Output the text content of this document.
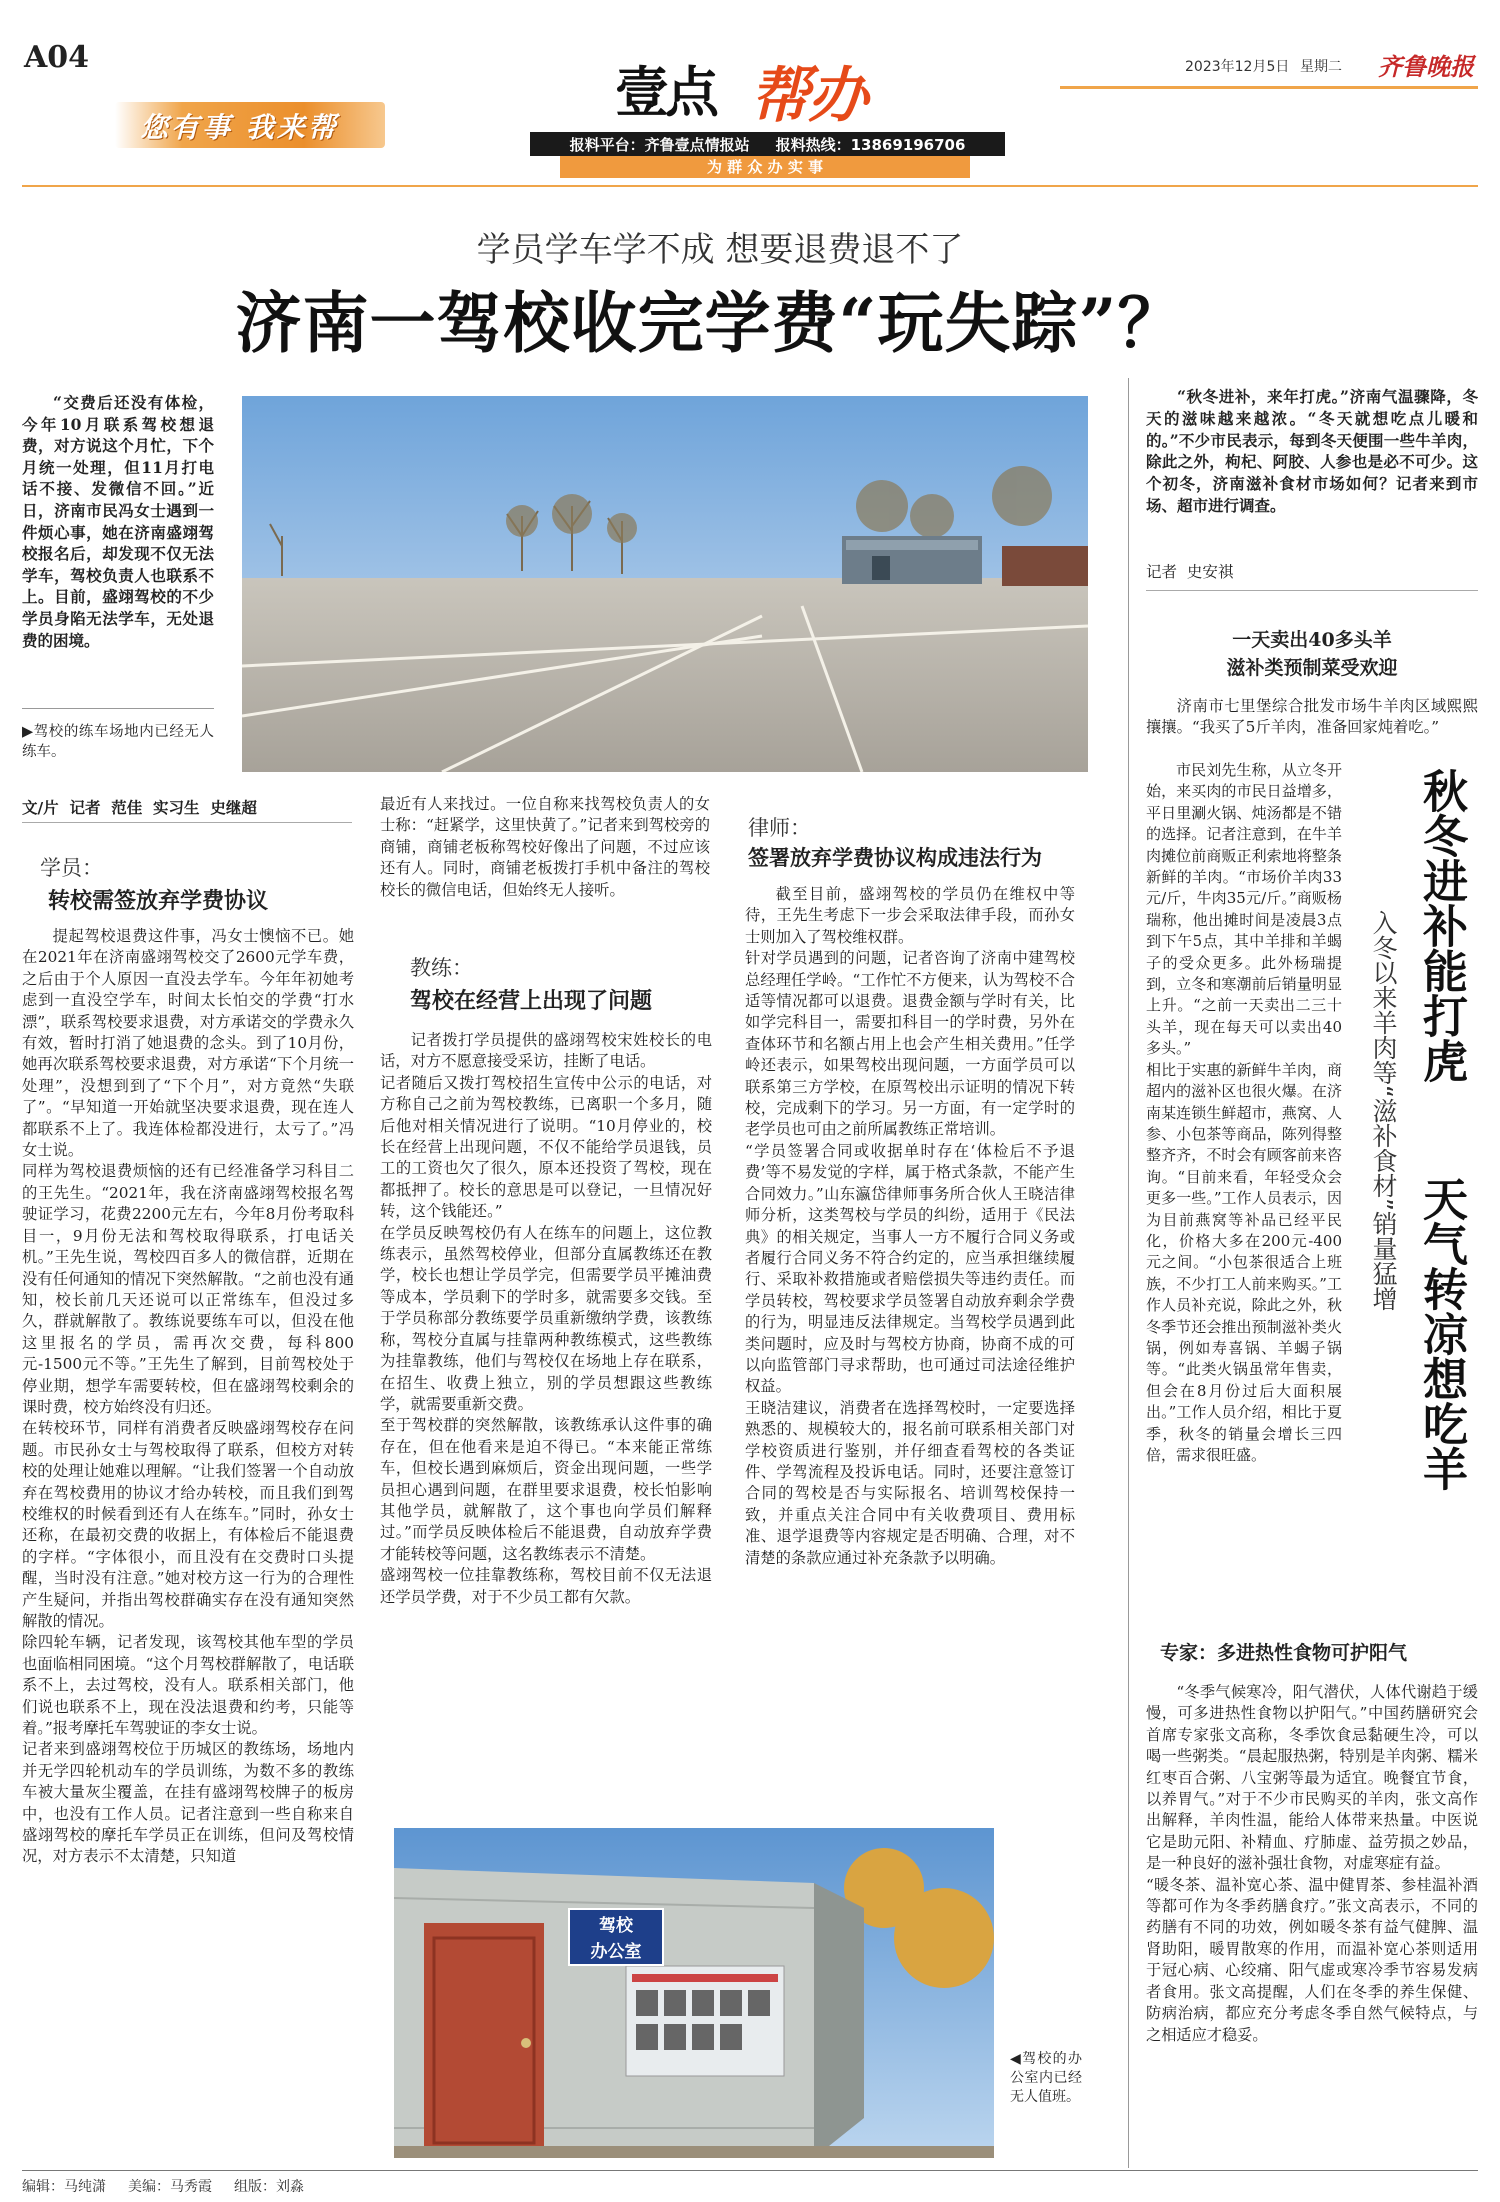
A04
您有事 我来帮
壹点 帮办
报料平台：齐鲁壹点情报站 报料热线：13869196706
为 群 众 办 实 事
2023年12月5日 星期二 齐鲁晚报
学员学车学不成 想要退费退不了
济南一驾校收完学费“玩失踪”？
“交费后还没有体检，今年10月联系驾校想退费，对方说这个月忙，下个月统一处理，但11月打电话不接、发微信不回。”近日，济南市民冯女士遇到一件烦心事，她在济南盛翊驾校报名后，却发现不仅无法学车，驾校负责人也联系不上。目前，盛翊驾校的不少学员身陷无法学车，无处退费的困境。
▶驾校的练车场地内已经无人练车。
文/片  记者  范佳  实习生  史继超
学员：
转校需签放弃学费协议
提起驾校退费这件事，冯女士懊恼不已。她在2021年在济南盛翊驾校交了2600元学车费，之后由于个人原因一直没去学车。今年年初她考虑到一直没空学车，时间太长怕交的学费“打水漂”，联系驾校要求退费，对方承诺交的学费永久有效，暂时打消了她退费的念头。到了10月份，她再次联系驾校要求退费，对方承诺“下个月统一处理”，没想到到了“下个月”，对方竟然“失联了”。“早知道一开始就坚决要求退费，现在连人都联系不上了。我连体检都没进行，太亏了。”冯女士说。
同样为驾校退费烦恼的还有已经准备学习科目二的王先生。“2021年，我在济南盛翊驾校报名驾驶证学习，花费2200元左右，今年8月份考取科目一，9月份无法和驾校取得联系，打电话关机。”王先生说，驾校四百多人的微信群，近期在没有任何通知的情况下突然解散。“之前也没有通知，校长前几天还说可以正常练车，但没过多久，群就解散了。教练说要练车可以，但没在他这里报名的学员，需再次交费，每科800元-1500元不等。”王先生了解到，目前驾校处于停业期，想学车需要转校，但在盛翊驾校剩余的课时费，校方始终没有归还。
在转校环节，同样有消费者反映盛翊驾校存在问题。市民孙女士与驾校取得了联系，但校方对转校的处理让她难以理解。“让我们签署一个自动放弃在驾校费用的协议才给办转校，而且我们到驾校维权的时候看到还有人在练车。”同时，孙女士还称，在最初交费的收据上，有体检后不能退费的字样。“字体很小，而且没有在交费时口头提醒，当时没有注意。”她对校方这一行为的合理性产生疑问，并指出驾校群确实存在没有通知突然解散的情况。
除四轮车辆，记者发现，该驾校其他车型的学员也面临相同困境。“这个月驾校群解散了，电话联系不上，去过驾校，没有人。联系相关部门，他们说也联系不上，现在没法退费和约考，只能等着。”报考摩托车驾驶证的李女士说。
记者来到盛翊驾校位于历城区的教练场，场地内并无学四轮机动车的学员训练，为数不多的教练车被大量灰尘覆盖，在挂有盛翊驾校牌子的板房中，也没有工作人员。记者注意到一些自称来自盛翊驾校的摩托车学员正在训练，但问及驾校情况，对方表示不太清楚，只知道
最近有人来找过。一位自称来找驾校负责人的女士称：“赶紧学，这里快黄了。”记者来到驾校旁的商铺，商铺老板称驾校好像出了问题，不过应该还有人。同时，商铺老板拨打手机中备注的驾校校长的微信电话，但始终无人接听。
教练：
驾校在经营上出现了问题
记者拨打学员提供的盛翊驾校宋姓校长的电话，对方不愿意接受采访，挂断了电话。
记者随后又拨打驾校招生宣传中公示的电话，对方称自己之前为驾校教练，已离职一个多月，随后他对相关情况进行了说明。“10月停业的，校长在经营上出现问题，不仅不能给学员退钱，员工的工资也欠了很久，原本还投资了驾校，现在都抵押了。校长的意思是可以登记，一旦情况好转，这个钱能还。”
在学员反映驾校仍有人在练车的问题上，这位教练表示，虽然驾校停业，但部分直属教练还在教学，校长也想让学员学完，但需要学员平摊油费等成本，学员剩下的学时多，就需要多交钱。至于学员称部分教练要学员重新缴纳学费，该教练称，驾校分直属与挂靠两种教练模式，这些教练为挂靠教练，他们与驾校仅在场地上存在联系，在招生、收费上独立，别的学员想跟这些教练学，就需要重新交费。
至于驾校群的突然解散，该教练承认这件事的确存在，但在他看来是迫不得已。“本来能正常练车，但校长遇到麻烦后，资金出现问题，一些学员担心遇到问题，在群里要求退费，校长怕影响其他学员，就解散了，这个事也向学员们解释过。”而学员反映体检后不能退费，自动放弃学费才能转校等问题，这名教练表示不清楚。
盛翊驾校一位挂靠教练称，驾校目前不仅无法退还学员学费，对于不少员工都有欠款。
律师：
签署放弃学费协议构成违法行为
截至目前，盛翊驾校的学员仍在维权中等待，王先生考虑下一步会采取法律手段，而孙女士则加入了驾校维权群。
针对学员遇到的问题，记者咨询了济南中建驾校总经理任学岭。“工作忙不方便来，认为驾校不合适等情况都可以退费。退费金额与学时有关，比如学完科目一，需要扣科目一的学时费，另外在查体环节和名额占用上也会产生相关费用。”任学岭还表示，如果驾校出现问题，一方面学员可以联系第三方学校，在原驾校出示证明的情况下转校，完成剩下的学习。另一方面，有一定学时的老学员也可由之前所属教练正常培训。
“学员签署合同或收据单时存在‘体检后不予退费’等不易发觉的字样，属于格式条款，不能产生合同效力。”山东瀛岱律师事务所合伙人王晓洁律师分析，这类驾校与学员的纠纷，适用于《民法典》的相关规定，当事人一方不履行合同义务或者履行合同义务不符合约定的，应当承担继续履行、采取补救措施或者赔偿损失等违约责任。而学员转校，驾校要求学员签署自动放弃剩余学费的行为，明显违反法律规定。当驾校学员遇到此类问题时，应及时与驾校方协商，协商不成的可以向监管部门寻求帮助，也可通过司法途径维护权益。
王晓洁建议，消费者在选择驾校时，一定要选择熟悉的、规模较大的，报名前可联系相关部门对学校资质进行鉴别，并仔细查看驾校的各类证件、学驾流程及投诉电话。同时，还要注意签订合同的驾校是否与实际报名、培训驾校保持一致，并重点关注合同中有关收费项目、费用标准、退学退费等内容规定是否明确、合理，对不清楚的条款应通过补充条款予以明确。
驾校 办公室
◀驾校的办公室内已经无人值班。
“秋冬进补，来年打虎。”济南气温骤降，冬天的滋味越来越浓。“冬天就想吃点儿暖和的。”不少市民表示，每到冬天便围一些牛羊肉，除此之外，枸杞、阿胶、人参也是必不可少。这个初冬，济南滋补食材市场如何？记者来到市场、超市进行调查。
记者  史安祺
一天卖出40多头羊
滋补类预制菜受欢迎
济南市七里堡综合批发市场牛羊肉区域熙熙攘攘。“我买了5斤羊肉，准备回家炖着吃。”
市民刘先生称，从立冬开始，来买肉的市民日益增多，平日里涮火锅、炖汤都是不错的选择。记者注意到，在牛羊肉摊位前商贩正利索地将整条新鲜的羊肉。“市场价羊肉33元/斤，牛肉35元/斤。”商贩杨瑞称，他出摊时间是凌晨3点到下午5点，其中羊排和羊蝎子的受众更多。此外杨瑞提到，立冬和寒潮前后销量明显上升。“之前一天卖出二三十头羊，现在每天可以卖出40多头。”
相比于实惠的新鲜牛羊肉，商超内的滋补区也很火爆。在济南某连锁生鲜超市，燕窝、人参、小包茶等商品，陈列得整整齐齐，不时会有顾客前来咨询。“目前来看，年轻受众会更多一些。”工作人员表示，因为目前燕窝等补品已经平民化，价格大多在200元-400元之间。“小包茶很适合上班族，不少打工人前来购买。”工作人员补充说，除此之外，秋冬季节还会推出预制滋补类火锅，例如寿喜锅、羊蝎子锅等。“此类火锅虽常年售卖，但会在8月份过后大面积展出。”工作人员介绍，相比于夏季，秋冬的销量会增长三四倍，需求很旺盛。
秋冬进补能打虎
天气转凉想吃羊
入冬以来羊肉等“滋补食材”销量猛增
专家：多进热性食物可护阳气
“冬季气候寒冷，阳气潜伏，人体代谢趋于缓慢，可多进热性食物以护阳气。”中国药膳研究会首席专家张文高称，冬季饮食忌黏硬生冷，可以喝一些粥类。“晨起服热粥，特别是羊肉粥、糯米红枣百合粥、八宝粥等最为适宜。晚餐宜节食，以养胃气。”对于不少市民购买的羊肉，张文高作出解释，羊肉性温，能给人体带来热量。中医说它是助元阳、补精血、疗肺虚、益劳损之妙品，是一种良好的滋补强壮食物，对虚寒症有益。
“暖冬茶、温补宽心茶、温中健胃茶、参桂温补酒等都可作为冬季药膳食疗。”张文高表示，不同的药膳有不同的功效，例如暖冬茶有益气健脾、温肾助阳，暖胃散寒的作用，而温补宽心茶则适用于冠心病、心绞痛、阳气虚或寒冷季节容易发病者食用。张文高提醒，人们在冬季的养生保健、防病治病，都应充分考虑冬季自然气候特点，与之相适应才稳妥。
编辑：马纯潇 美编：马秀霞 组版：刘淼
